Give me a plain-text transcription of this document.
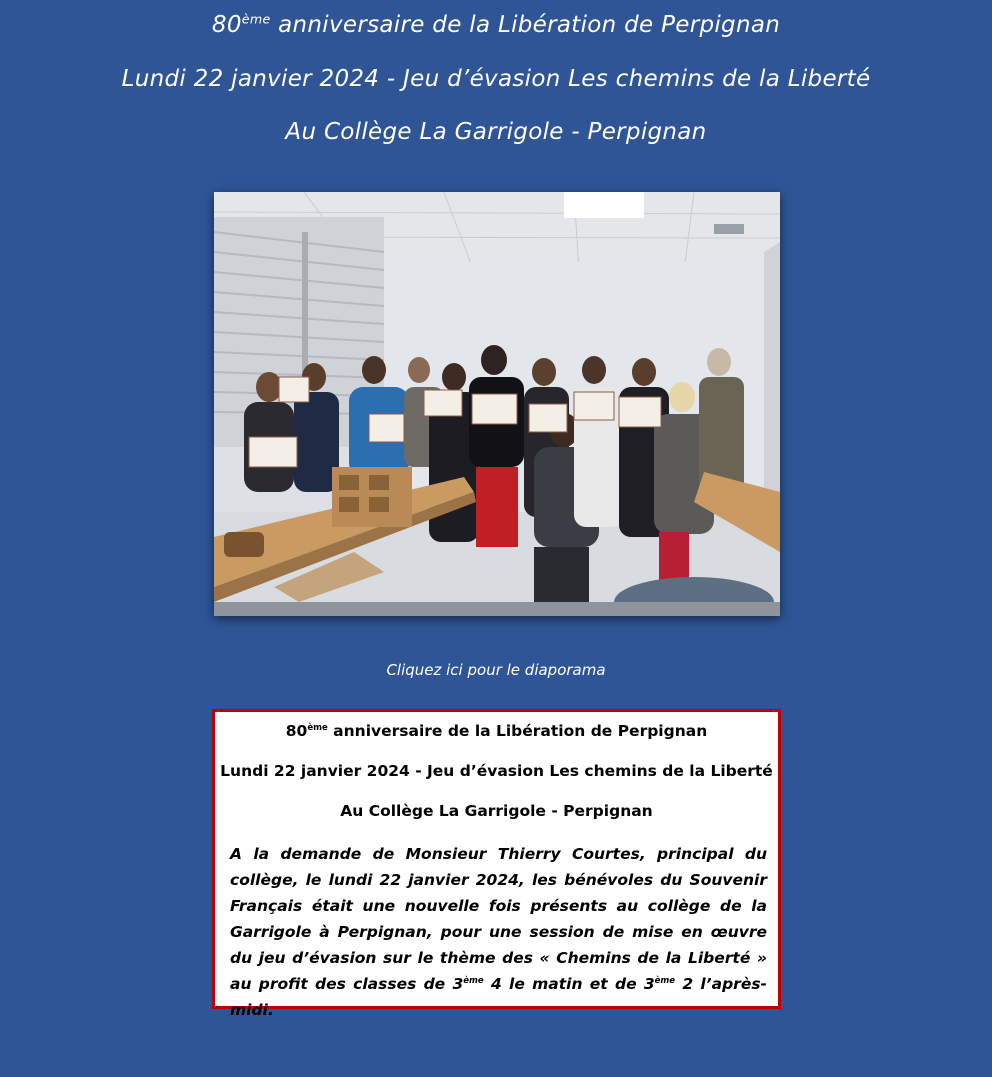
80ème anniversaire de la Libération de Perpignan
Lundi 22 janvier 2024 - Jeu d’évasion Les chemins de la Liberté
Au Collège La Garrigole - Perpignan
Cliquez ici pour le diaporama

80ème anniversaire de la Libération de Perpignan

Lundi 22 janvier 2024 - Jeu d’évasion Les chemins de la Liberté

Au Collège La Garrigole - Perpignan

A la demande de Monsieur Thierry Courtes, principal du collège, le lundi 22 janvier 2024, les bénévoles du Souvenir Français était une nouvelle fois présents au collège de la Garrigole à Perpignan, pour une session de mise en œuvre du jeu d’évasion sur le thème des « Chemins de la Liberté » au profit des classes de 3ème 4 le matin et de 3ème 2 l’après-midi.
